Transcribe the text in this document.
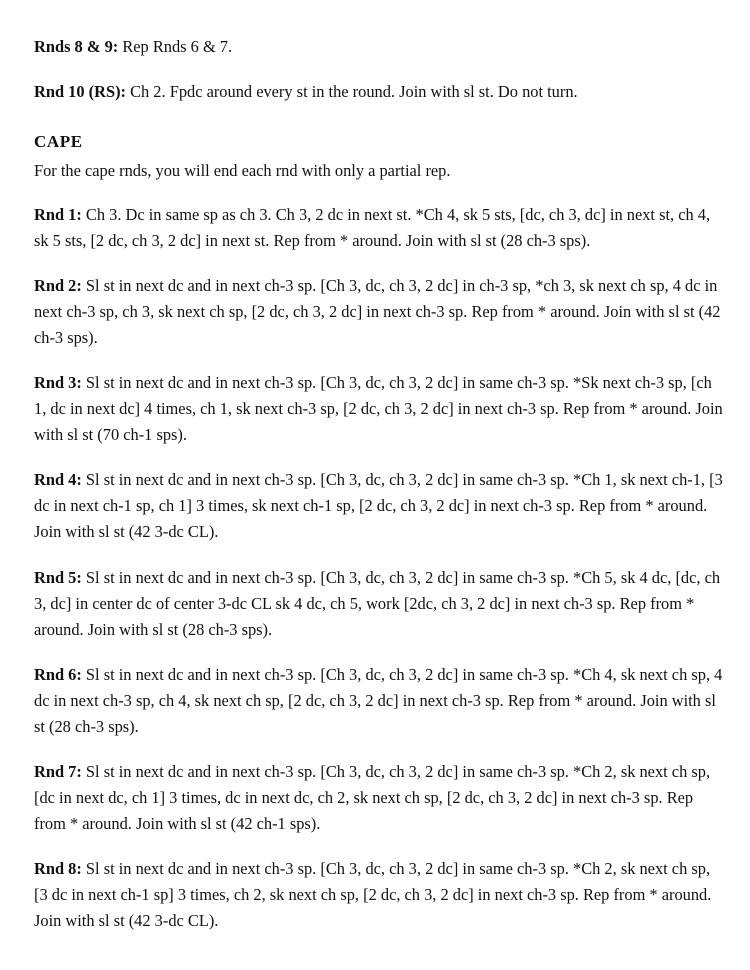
Rnds 8 & 9: Rep Rnds 6 & 7.

Rnd 10 (RS): Ch 2. Fpdc around every st in the round. Join with sl st. Do not turn.

CAPE

For the cape rnds, you will end each rnd with only a partial rep.

Rnd 1: Ch 3. Dc in same sp as ch 3. Ch 3, 2 dc in next st. *Ch 4, sk 5 sts, [dc, ch 3, dc] in next st, ch 4, sk 5 sts, [2 dc, ch 3, 2 dc] in next st. Rep from * around. Join with sl st (28 ch-3 sps).

Rnd 2: Sl st in next dc and in next ch-3 sp. [Ch 3, dc, ch 3, 2 dc] in ch-3 sp, *ch 3, sk next ch sp, 4 dc in next ch-3 sp, ch 3, sk next ch sp, [2 dc, ch 3, 2 dc] in next ch-3 sp. Rep from * around. Join with sl st (42 ch-3 sps).

Rnd 3: Sl st in next dc and in next ch-3 sp. [Ch 3, dc, ch 3, 2 dc] in same ch-3 sp. *Sk next ch-3 sp, [ch 1, dc in next dc] 4 times, ch 1, sk next ch-3 sp, [2 dc, ch 3, 2 dc] in next ch-3 sp. Rep from * around. Join with sl st (70 ch-1 sps).

Rnd 4: Sl st in next dc and in next ch-3 sp. [Ch 3, dc, ch 3, 2 dc] in same ch-3 sp. *Ch 1, sk next ch-1, [3 dc in next ch-1 sp, ch 1] 3 times, sk next ch-1 sp, [2 dc, ch 3, 2 dc] in next ch-3 sp. Rep from * around. Join with sl st (42 3-dc CL).

Rnd 5: Sl st in next dc and in next ch-3 sp. [Ch 3, dc, ch 3, 2 dc] in same ch-3 sp. *Ch 5, sk 4 dc, [dc, ch 3, dc] in center dc of center 3-dc CL sk 4 dc, ch 5, work [2dc, ch 3, 2 dc] in next ch-3 sp. Rep from * around. Join with sl st (28 ch-3 sps).

Rnd 6: Sl st in next dc and in next ch-3 sp. [Ch 3, dc, ch 3, 2 dc] in same ch-3 sp. *Ch 4, sk next ch sp, 4 dc in next ch-3 sp, ch 4, sk next ch sp, [2 dc, ch 3, 2 dc] in next ch-3 sp. Rep from * around. Join with sl st (28 ch-3 sps).

Rnd 7: Sl st in next dc and in next ch-3 sp. [Ch 3, dc, ch 3, 2 dc] in same ch-3 sp. *Ch 2, sk next ch sp, [dc in next dc, ch 1] 3 times, dc in next dc, ch 2, sk next ch sp, [2 dc, ch 3, 2 dc] in next ch-3 sp. Rep from * around. Join with sl st (42 ch-1 sps).

Rnd 8: Sl st in next dc and in next ch-3 sp. [Ch 3, dc, ch 3, 2 dc] in same ch-3 sp. *Ch 2, sk next ch sp, [3 dc in next ch-1 sp] 3 times, ch 2, sk next ch sp, [2 dc, ch 3, 2 dc] in next ch-3 sp. Rep from * around. Join with sl st (42 3-dc CL).
